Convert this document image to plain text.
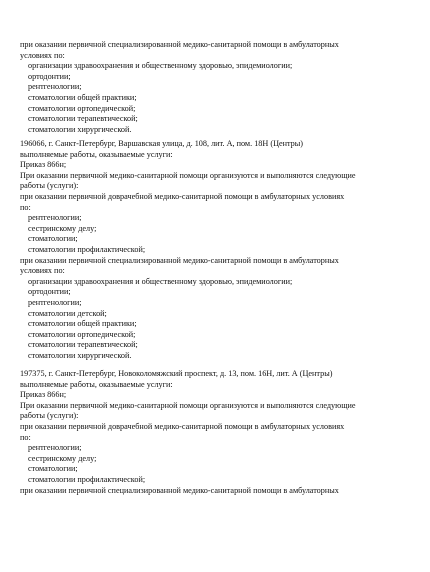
при оказании первичной специализированной медико-санитарной помощи в амбулаторных
условиях по:
организации здравоохранения и общественному здоровью, эпидемиологии;
ортодонтии;
рентгенологии;
стоматологии общей практики;
стоматологии ортопедической;
стоматологии терапевтической;
стоматологии хирургической.
196066, г. Санкт-Петербург, Варшавская улица, д. 108, лит. А, пом. 18Н (Центры)
выполняемые работы, оказываемые услуги:
Приказ 866н;
При оказании первичной медико-санитарной помощи организуются и выполняются следующие
работы (услуги):
при оказании первичной доврачебной медико-санитарной помощи в амбулаторных условиях
по:
рентгенологии;
сестринскому делу;
стоматологии;
стоматологии профилактической;
при оказании первичной специализированной медико-санитарной помощи в амбулаторных
условиях по:
организации здравоохранения и общественному здоровью, эпидемиологии;
ортодонтии;
рентгенологии;
стоматологии детской;
стоматологии общей практики;
стоматологии ортопедической;
стоматологии терапевтической;
стоматологии хирургической.
197375, г. Санкт-Петербург, Новоколомяжский проспект, д. 13, пом. 16Н, лит. А (Центры)
выполняемые работы, оказываемые услуги:
Приказ 866н;
При оказании первичной медико-санитарной помощи организуются и выполняются следующие
работы (услуги):
при оказании первичной доврачебной медико-санитарной помощи в амбулаторных условиях
по:
рентгенологии;
сестринскому делу;
стоматологии;
стоматологии профилактической;
при оказании первичной специализированной медико-санитарной помощи в амбулаторных
